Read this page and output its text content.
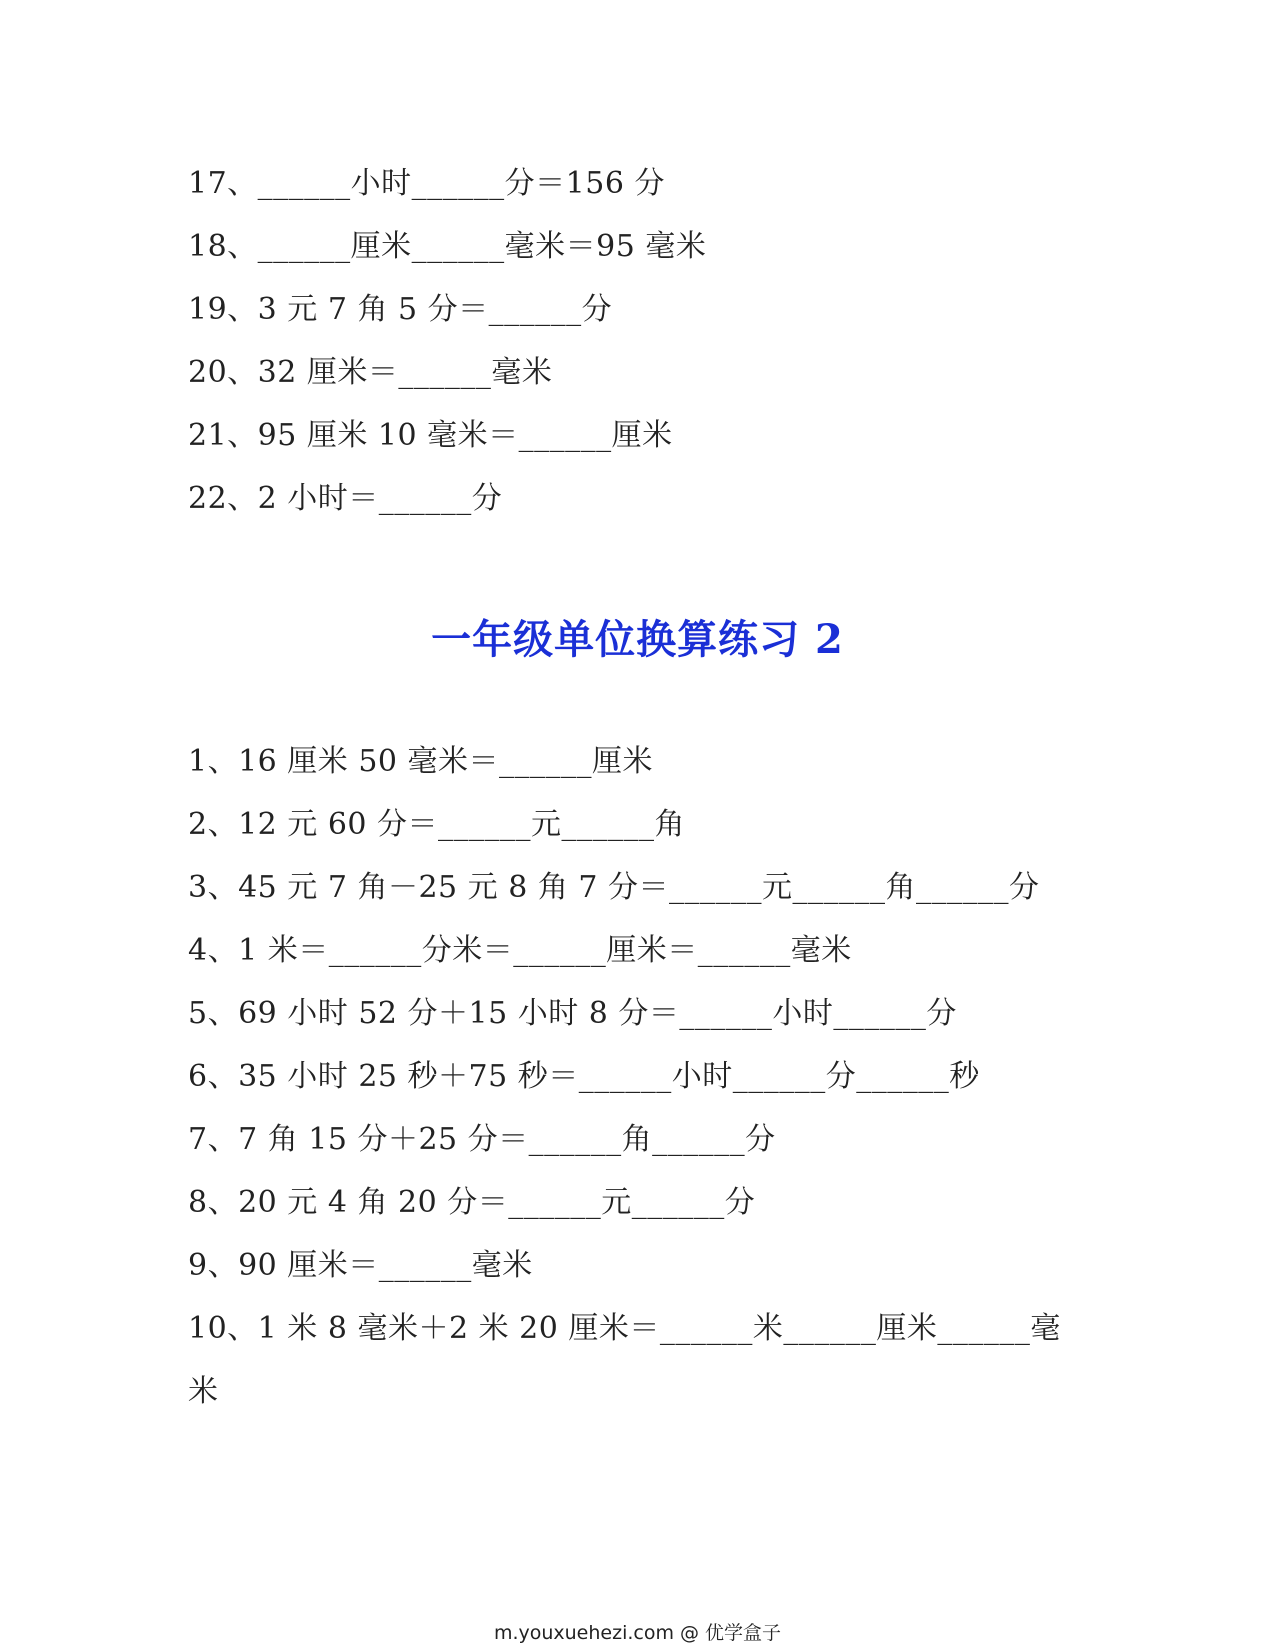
17、______小时______分＝156 分
18、______厘米______毫米＝95 毫米
19、3 元 7 角 5 分＝______分
20、32 厘米＝______毫米
21、95 厘米 10 毫米＝______厘米
22、2 小时＝______分
一年级单位换算练习 2
1、16 厘米 50 毫米＝______厘米
2、12 元 60 分＝______元______角
3、45 元 7 角－25 元 8 角 7 分＝______元______角______分
4、1 米＝______分米＝______厘米＝______毫米
5、69 小时 52 分＋15 小时 8 分＝______小时______分
6、35 小时 25 秒＋75 秒＝______小时______分______秒
7、7 角 15 分＋25 分＝______角______分
8、20 元 4 角 20 分＝______元______分
9、90 厘米＝______毫米
10、1 米 8 毫米＋2 米 20 厘米＝______米______厘米______毫
米
m.youxuehezi.com @ 优学盒子
